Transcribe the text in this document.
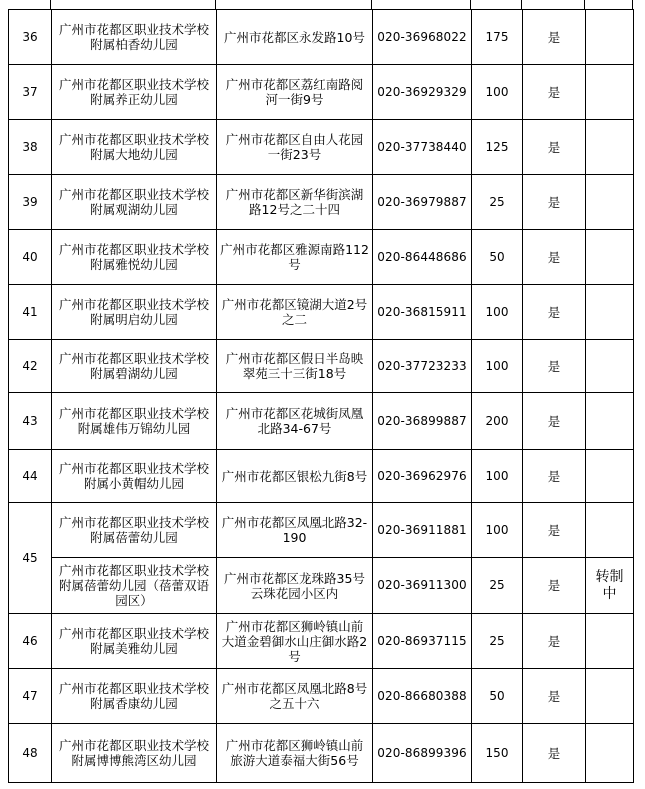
36	广州市花都区职业技术学校附属柏香幼儿园	广州市花都区永发路10号	020-36968022	175	是	
37	广州市花都区职业技术学校附属养正幼儿园	广州市花都区荔红南路阅河一街9号	020-36929329	100	是	
38	广州市花都区职业技术学校附属大地幼儿园	广州市花都区自由人花园一街23号	020-37738440	125	是	
39	广州市花都区职业技术学校附属观湖幼儿园	广州市花都区新华街滨湖路12号之二十四	020-36979887	25	是	
40	广州市花都区职业技术学校附属雅悦幼儿园	广州市花都区雅源南路112号	020-86448686	50	是	
41	广州市花都区职业技术学校附属明启幼儿园	广州市花都区镜湖大道2号之二	020-36815911	100	是	
42	广州市花都区职业技术学校附属碧湖幼儿园	广州市花都区假日半岛映翠苑三十三街18号	020-37723233	100	是	
43	广州市花都区职业技术学校附属雄伟万锦幼儿园	广州市花都区花城街凤凰北路34-67号	020-36899887	200	是	
44	广州市花都区职业技术学校附属小黄帽幼儿园	广州市花都区银松九街8号	020-36962976	100	是	
45	广州市花都区职业技术学校附属蓓蕾幼儿园	广州市花都区凤凰北路32-190	020-36911881	100	是	
	广州市花都区职业技术学校附属蓓蕾幼儿园（蓓蕾双语园区）	广州市花都区龙珠路35号云珠花园小区内	020-36911300	25	是	转制中
46	广州市花都区职业技术学校附属美雅幼儿园	广州市花都区狮岭镇山前大道金碧御水山庄御水路2号	020-86937115	25	是	
47	广州市花都区职业技术学校附属香康幼儿园	广州市花都区凤凰北路8号之五十六	020-86680388	50	是	
48	广州市花都区职业技术学校附属博博熊湾区幼儿园	广州市花都区狮岭镇山前旅游大道泰福大街56号	020-86899396	150	是	
